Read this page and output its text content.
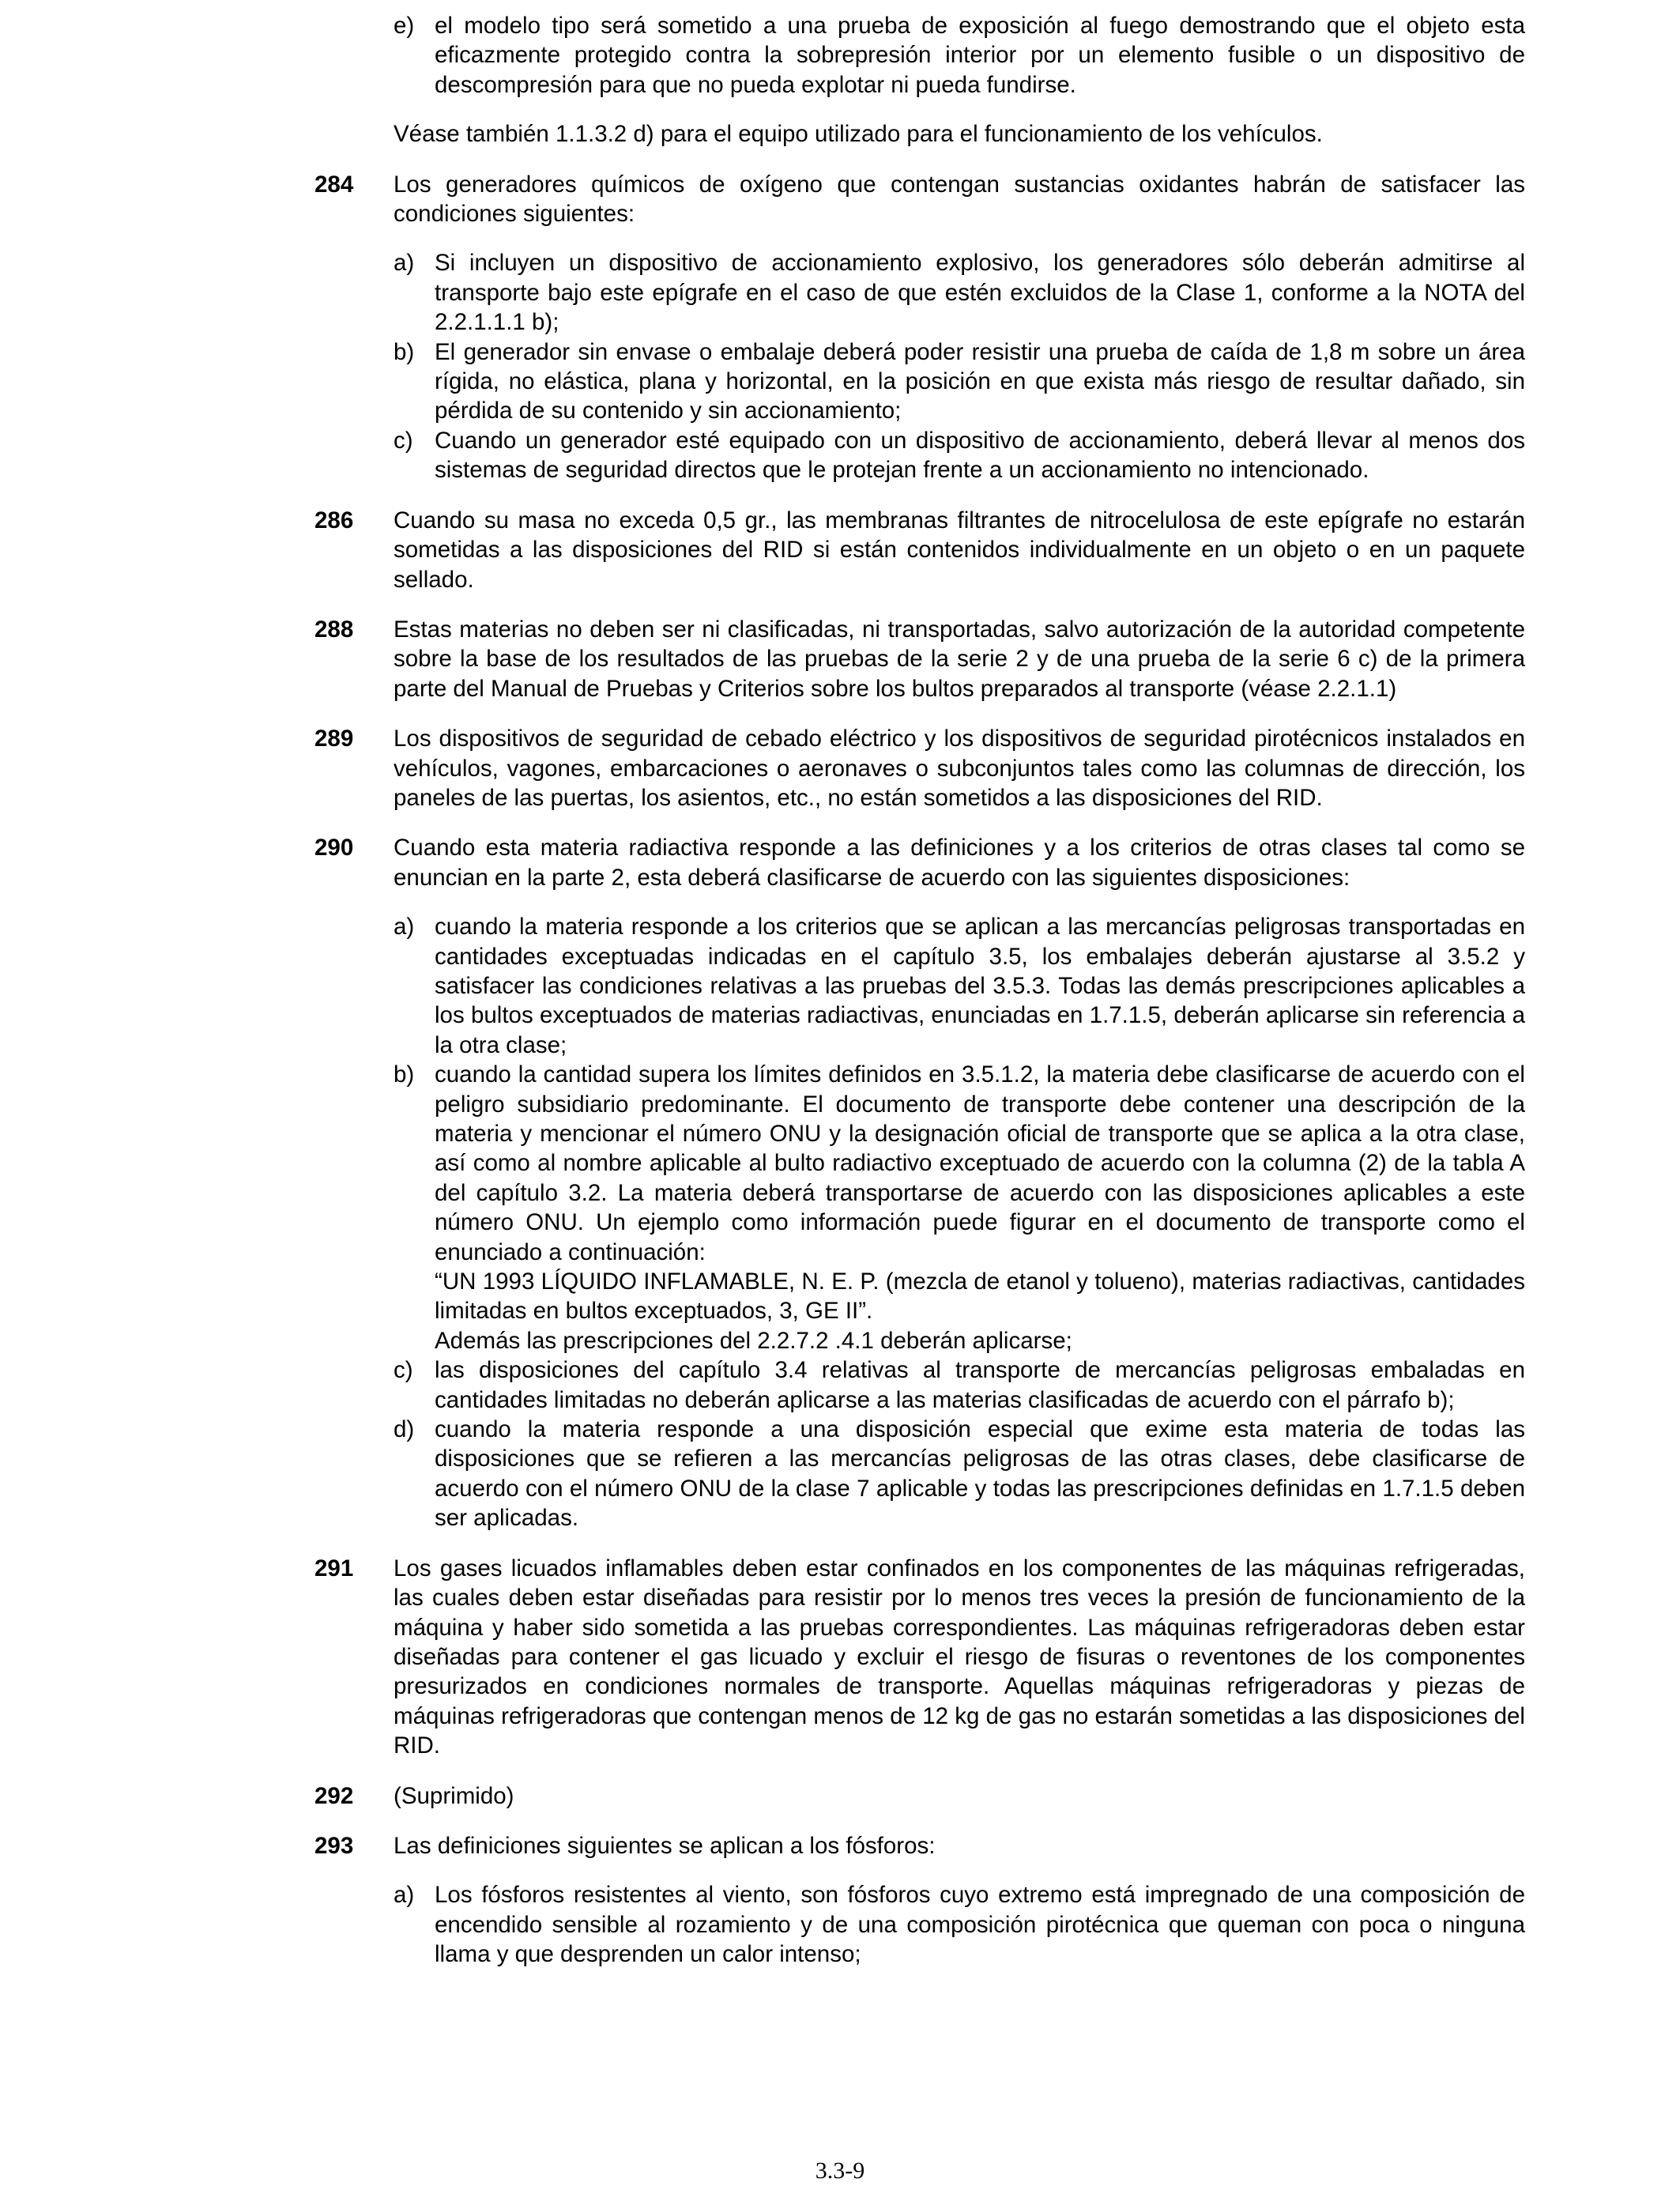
e) el modelo tipo será sometido a una prueba de exposición al fuego demostrando que el objeto esta eficazmente protegido contra la sobrepresión interior por un elemento fusible o un dispositivo de descompresión para que no pueda explotar ni pueda fundirse.

Véase también 1.1.3.2 d) para el equipo utilizado para el funcionamiento de los vehículos.

284 Los generadores químicos de oxígeno que contengan sustancias oxidantes habrán de satisfacer las condiciones siguientes:
a) Si incluyen un dispositivo de accionamiento explosivo, los generadores sólo deberán admitirse al transporte bajo este epígrafe en el caso de que estén excluidos de la Clase 1, conforme a la NOTA del 2.2.1.1.1 b);
b) El generador sin envase o embalaje deberá poder resistir una prueba de caída de 1,8 m sobre un área rígida, no elástica, plana y horizontal, en la posición en que exista más riesgo de resultar dañado, sin pérdida de su contenido y sin accionamiento;
c) Cuando un generador esté equipado con un dispositivo de accionamiento, deberá llevar al menos dos sistemas de seguridad directos que le protejan frente a un accionamiento no intencionado.
286 Cuando su masa no exceda 0,5 gr., las membranas filtrantes de nitrocelulosa de este epígrafe no estarán sometidas a las disposiciones del RID si están contenidos individualmente en un objeto o en un paquete sellado.
288 Estas materias no deben ser ni clasificadas, ni transportadas, salvo autorización de la autoridad competente sobre la base de los resultados de las pruebas de la serie 2 y de una prueba de la serie 6 c) de la primera parte del Manual de Pruebas y Criterios sobre los bultos preparados al transporte (véase 2.2.1.1)
289 Los dispositivos de seguridad de cebado eléctrico y los dispositivos de seguridad pirotécnicos instalados en vehículos, vagones, embarcaciones o aeronaves o subconjuntos tales como las columnas de dirección, los paneles de las puertas, los asientos, etc., no están sometidos a las disposiciones del RID.
290 Cuando esta materia radiactiva responde a las definiciones y a los criterios de otras clases tal como se enuncian en la parte 2, esta deberá clasificarse de acuerdo con las siguientes disposiciones:
a) cuando la materia responde a los criterios que se aplican a las mercancías peligrosas transportadas en cantidades exceptuadas indicadas en el capítulo 3.5, los embalajes deberán ajustarse al 3.5.2 y satisfacer las condiciones relativas a las pruebas del 3.5.3. Todas las demás prescripciones aplicables a los bultos exceptuados de materias radiactivas, enunciadas en 1.7.1.5, deberán aplicarse sin referencia a la otra clase;
b) cuando la cantidad supera los límites definidos en 3.5.1.2, la materia debe clasificarse de acuerdo con el peligro subsidiario predominante. El documento de transporte debe contener una descripción de la materia y mencionar el número ONU y la designación oficial de transporte que se aplica a la otra clase, así como al nombre aplicable al bulto radiactivo exceptuado de acuerdo con la columna (2) de la tabla A del capítulo 3.2. La materia deberá transportarse de acuerdo con las disposiciones aplicables a este número ONU. Un ejemplo como información puede figurar en el documento de transporte como el enunciado a continuación:
“UN 1993 LÍQUIDO INFLAMABLE, N. E. P. (mezcla de etanol y tolueno), materias radiactivas, cantidades limitadas en bultos exceptuados, 3, GE II”.
Además las prescripciones del 2.2.7.2 .4.1 deberán aplicarse;
c) las disposiciones del capítulo 3.4 relativas al transporte de mercancías peligrosas embaladas en cantidades limitadas no deberán aplicarse a las materias clasificadas de acuerdo con el párrafo b);
d) cuando la materia responde a una disposición especial que exime esta materia de todas las disposiciones que se refieren a las mercancías peligrosas de las otras clases, debe clasificarse de acuerdo con el número ONU de la clase 7 aplicable y todas las prescripciones definidas en 1.7.1.5 deben ser aplicadas.
291 Los gases licuados inflamables deben estar confinados en los componentes de las máquinas refrigeradas, las cuales deben estar diseñadas para resistir por lo menos tres veces la presión de funcionamiento de la máquina y haber sido sometida a las pruebas correspondientes. Las máquinas refrigeradoras deben estar diseñadas para contener el gas licuado y excluir el riesgo de fisuras o reventones de los componentes presurizados en condiciones normales de transporte. Aquellas máquinas refrigeradoras y piezas de máquinas refrigeradoras que contengan menos de 12 kg de gas no estarán sometidas a las disposiciones del RID.
292 (Suprimido)
293 Las definiciones siguientes se aplican a los fósforos:
a) Los fósforos resistentes al viento, son fósforos cuyo extremo está impregnado de una composición de encendido sensible al rozamiento y de una composición pirotécnica que queman con poca o ninguna llama y que desprenden un calor intenso;
3.3-9
